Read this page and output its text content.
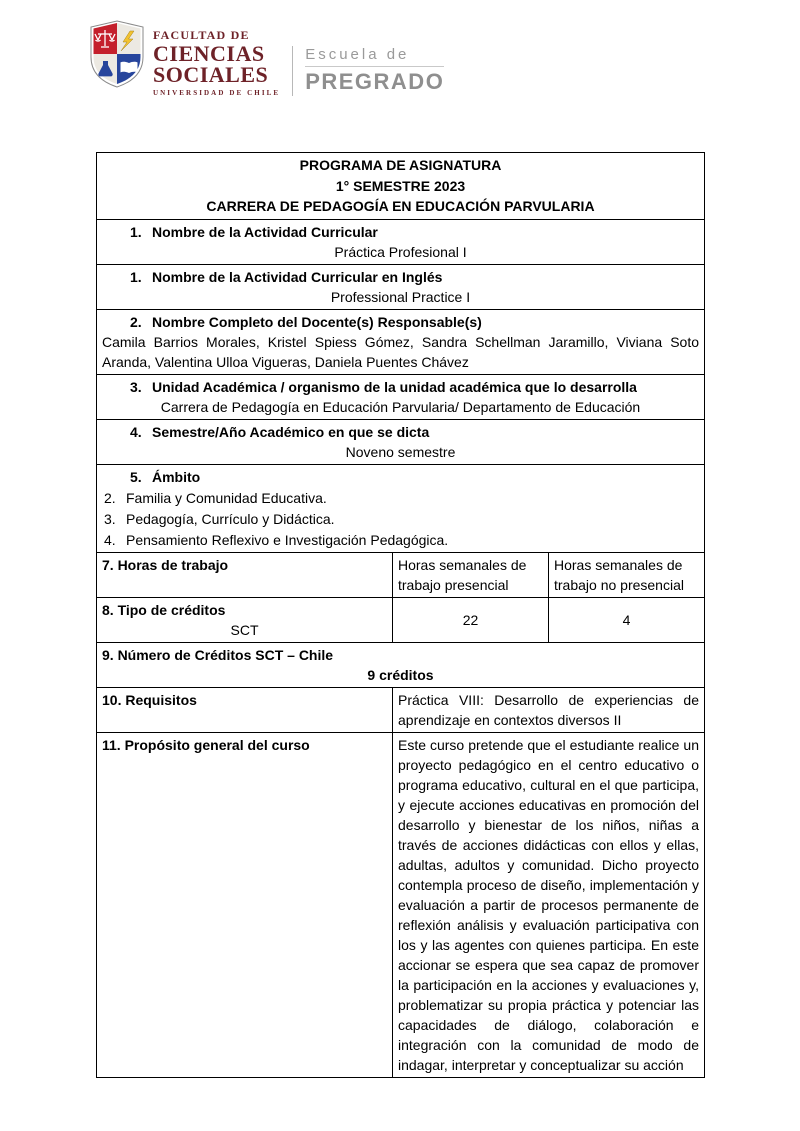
FACULTAD DE
CIENCIAS
SOCIALES
UNIVERSIDAD DE CHILE
Escuela de
PREGRADO
PROGRAMA DE ASIGNATURA
1° SEMESTRE 2023
CARRERA DE PEDAGOGÍA EN EDUCACIÓN PARVULARIA		

1. Nombre de la Actividad Curricular
Práctica Profesional I		

1. Nombre de la Actividad Curricular en Inglés
Professional Practice I		

2. Nombre Completo del Docente(s) Responsable(s)
Camila Barrios Morales, Kristel Spiess Gómez, Sandra Schellman Jaramillo, Viviana Soto Aranda, Valentina Ulloa Vigueras, Daniela Puentes Chávez		

3. Unidad Académica / organismo de la unidad académica que lo desarrolla
Carrera de Pedagogía en Educación Parvularia/ Departamento de Educación		

4. Semestre/Año Académico en que se dicta
Noveno semestre		

5. Ámbito
2. Familia y Comunidad Educativa.
3. Pedagogía, Currículo y Didáctica.
4. Pensamiento Reflexivo e Investigación Pedagógica.		

7. Horas de trabajo	Horas semanales de trabajo presencial	Horas semanales de trabajo no presencial

8. Tipo de créditos
SCT	22	4

9. Número de Créditos SCT – Chile
9 créditos		

10. Requisitos	Práctica VIII: Desarrollo de experiencias de aprendizaje en contextos diversos II	
11. Propósito general del curso	Este curso pretende que el estudiante realice un proyecto pedagógico en el centro educativo o programa educativo, cultural en el que participa, y ejecute acciones educativas en promoción del desarrollo y bienestar de los niños, niñas a través de acciones didácticas con ellos y ellas, adultas, adultos y comunidad. Dicho proyecto contempla proceso de diseño, implementación y evaluación a partir de procesos permanente de reflexión análisis y evaluación participativa con los y las agentes con quienes participa. En este accionar se espera que sea capaz de promover la participación en la acciones y evaluaciones y, problematizar su propia práctica y potenciar las capacidades de diálogo, colaboración e integración con la comunidad de modo de indagar, interpretar y conceptualizar su acción	
